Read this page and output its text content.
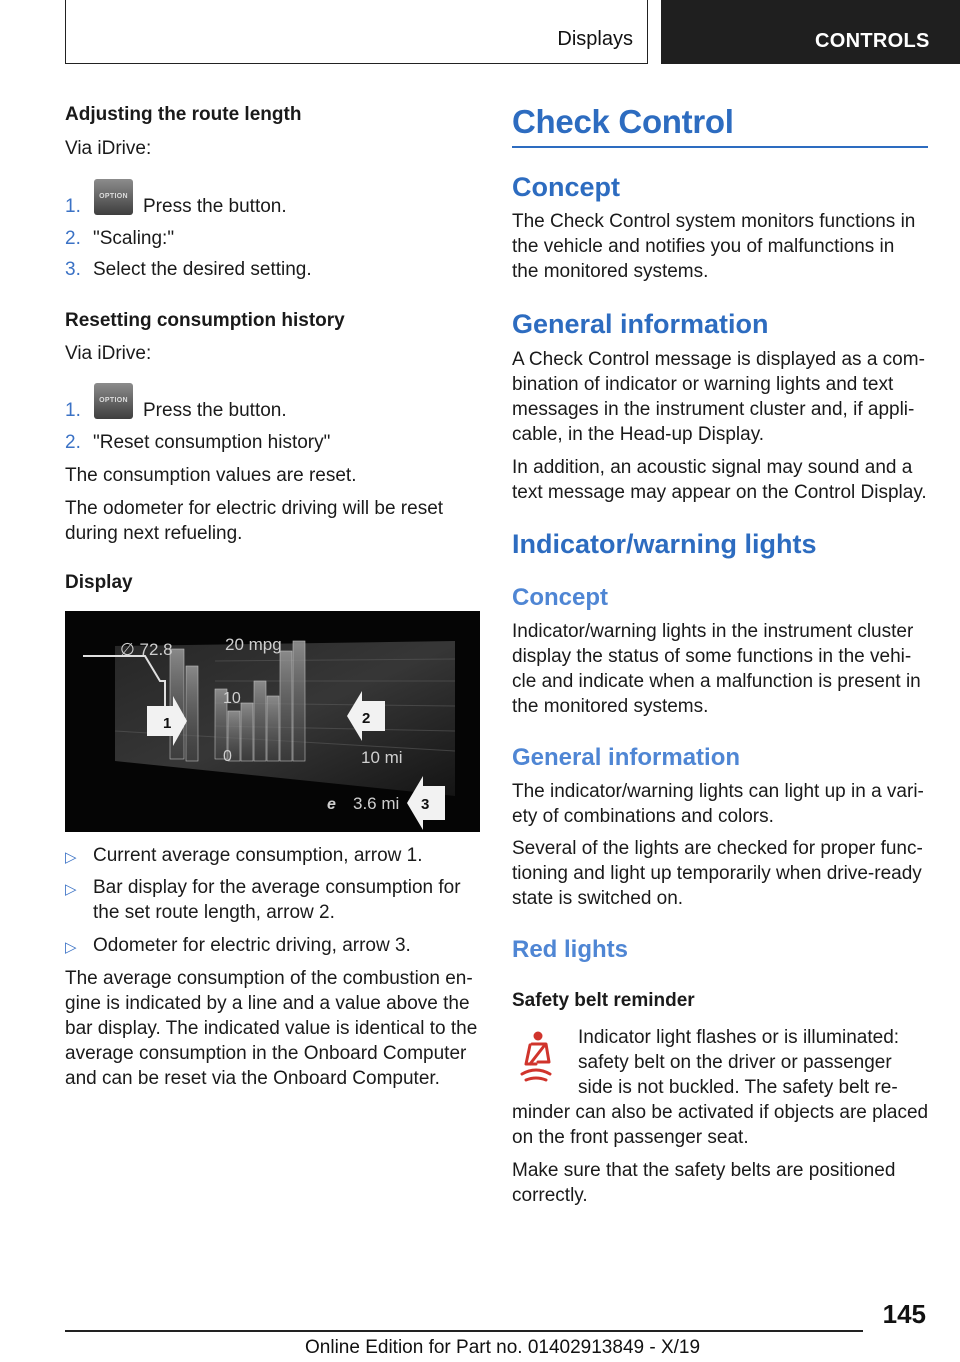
Displays	CONTROLS

Adjusting the route length

Via iDrive:

1.	OPTION Press the button.
2. "Scaling:"
3. Select the desired setting.

Resetting consumption history

Via iDrive:

1.	OPTION Press the button.
2. "Reset consumption history"

The consumption values are reset.

The odometer for electric driving will be reset

during next refueling.

Display

∅ 72.8	20 mpg
10
0	10 mi
3.6 mi
e
1	2
3
▷ Current average consumption, arrow 1.
▷ Bar display for the average consumption for
the set route length, arrow 2.
▷ Odometer for electric driving, arrow 3.

The average consumption of the combustion en-

gine is indicated by a line and a value above the

bar display. The indicated value is identical to the

average consumption in the Onboard Computer

and can be reset via the Onboard Computer.

Check Control

Concept

The Check Control system monitors functions in

the vehicle and notifies you of malfunctions in

the monitored systems.

General information

A Check Control message is displayed as a com-

bination of indicator or warning lights and text

messages in the instrument cluster and, if appli-

cable, in the Head-up Display.

In addition, an acoustic signal may sound and a

text message may appear on the Control Display.

Indicator/warning lights

Concept

Indicator/warning lights in the instrument cluster

display the status of some functions in the vehi-

cle and indicate when a malfunction is present in

the monitored systems.

General information

The indicator/warning lights can light up in a vari-

ety of combinations and colors.

Several of the lights are checked for proper func-

tioning and light up temporarily when drive-ready

state is switched on.

Red lights

Safety belt reminder

Indicator light flashes or is illuminated:

safety belt on the driver or passenger

side is not buckled. The safety belt re-

minder can also be activated if objects are placed

on the front passenger seat.

Make sure that the safety belts are positioned

correctly.

145
Online Edition for Part no. 01402913849 - X/19
